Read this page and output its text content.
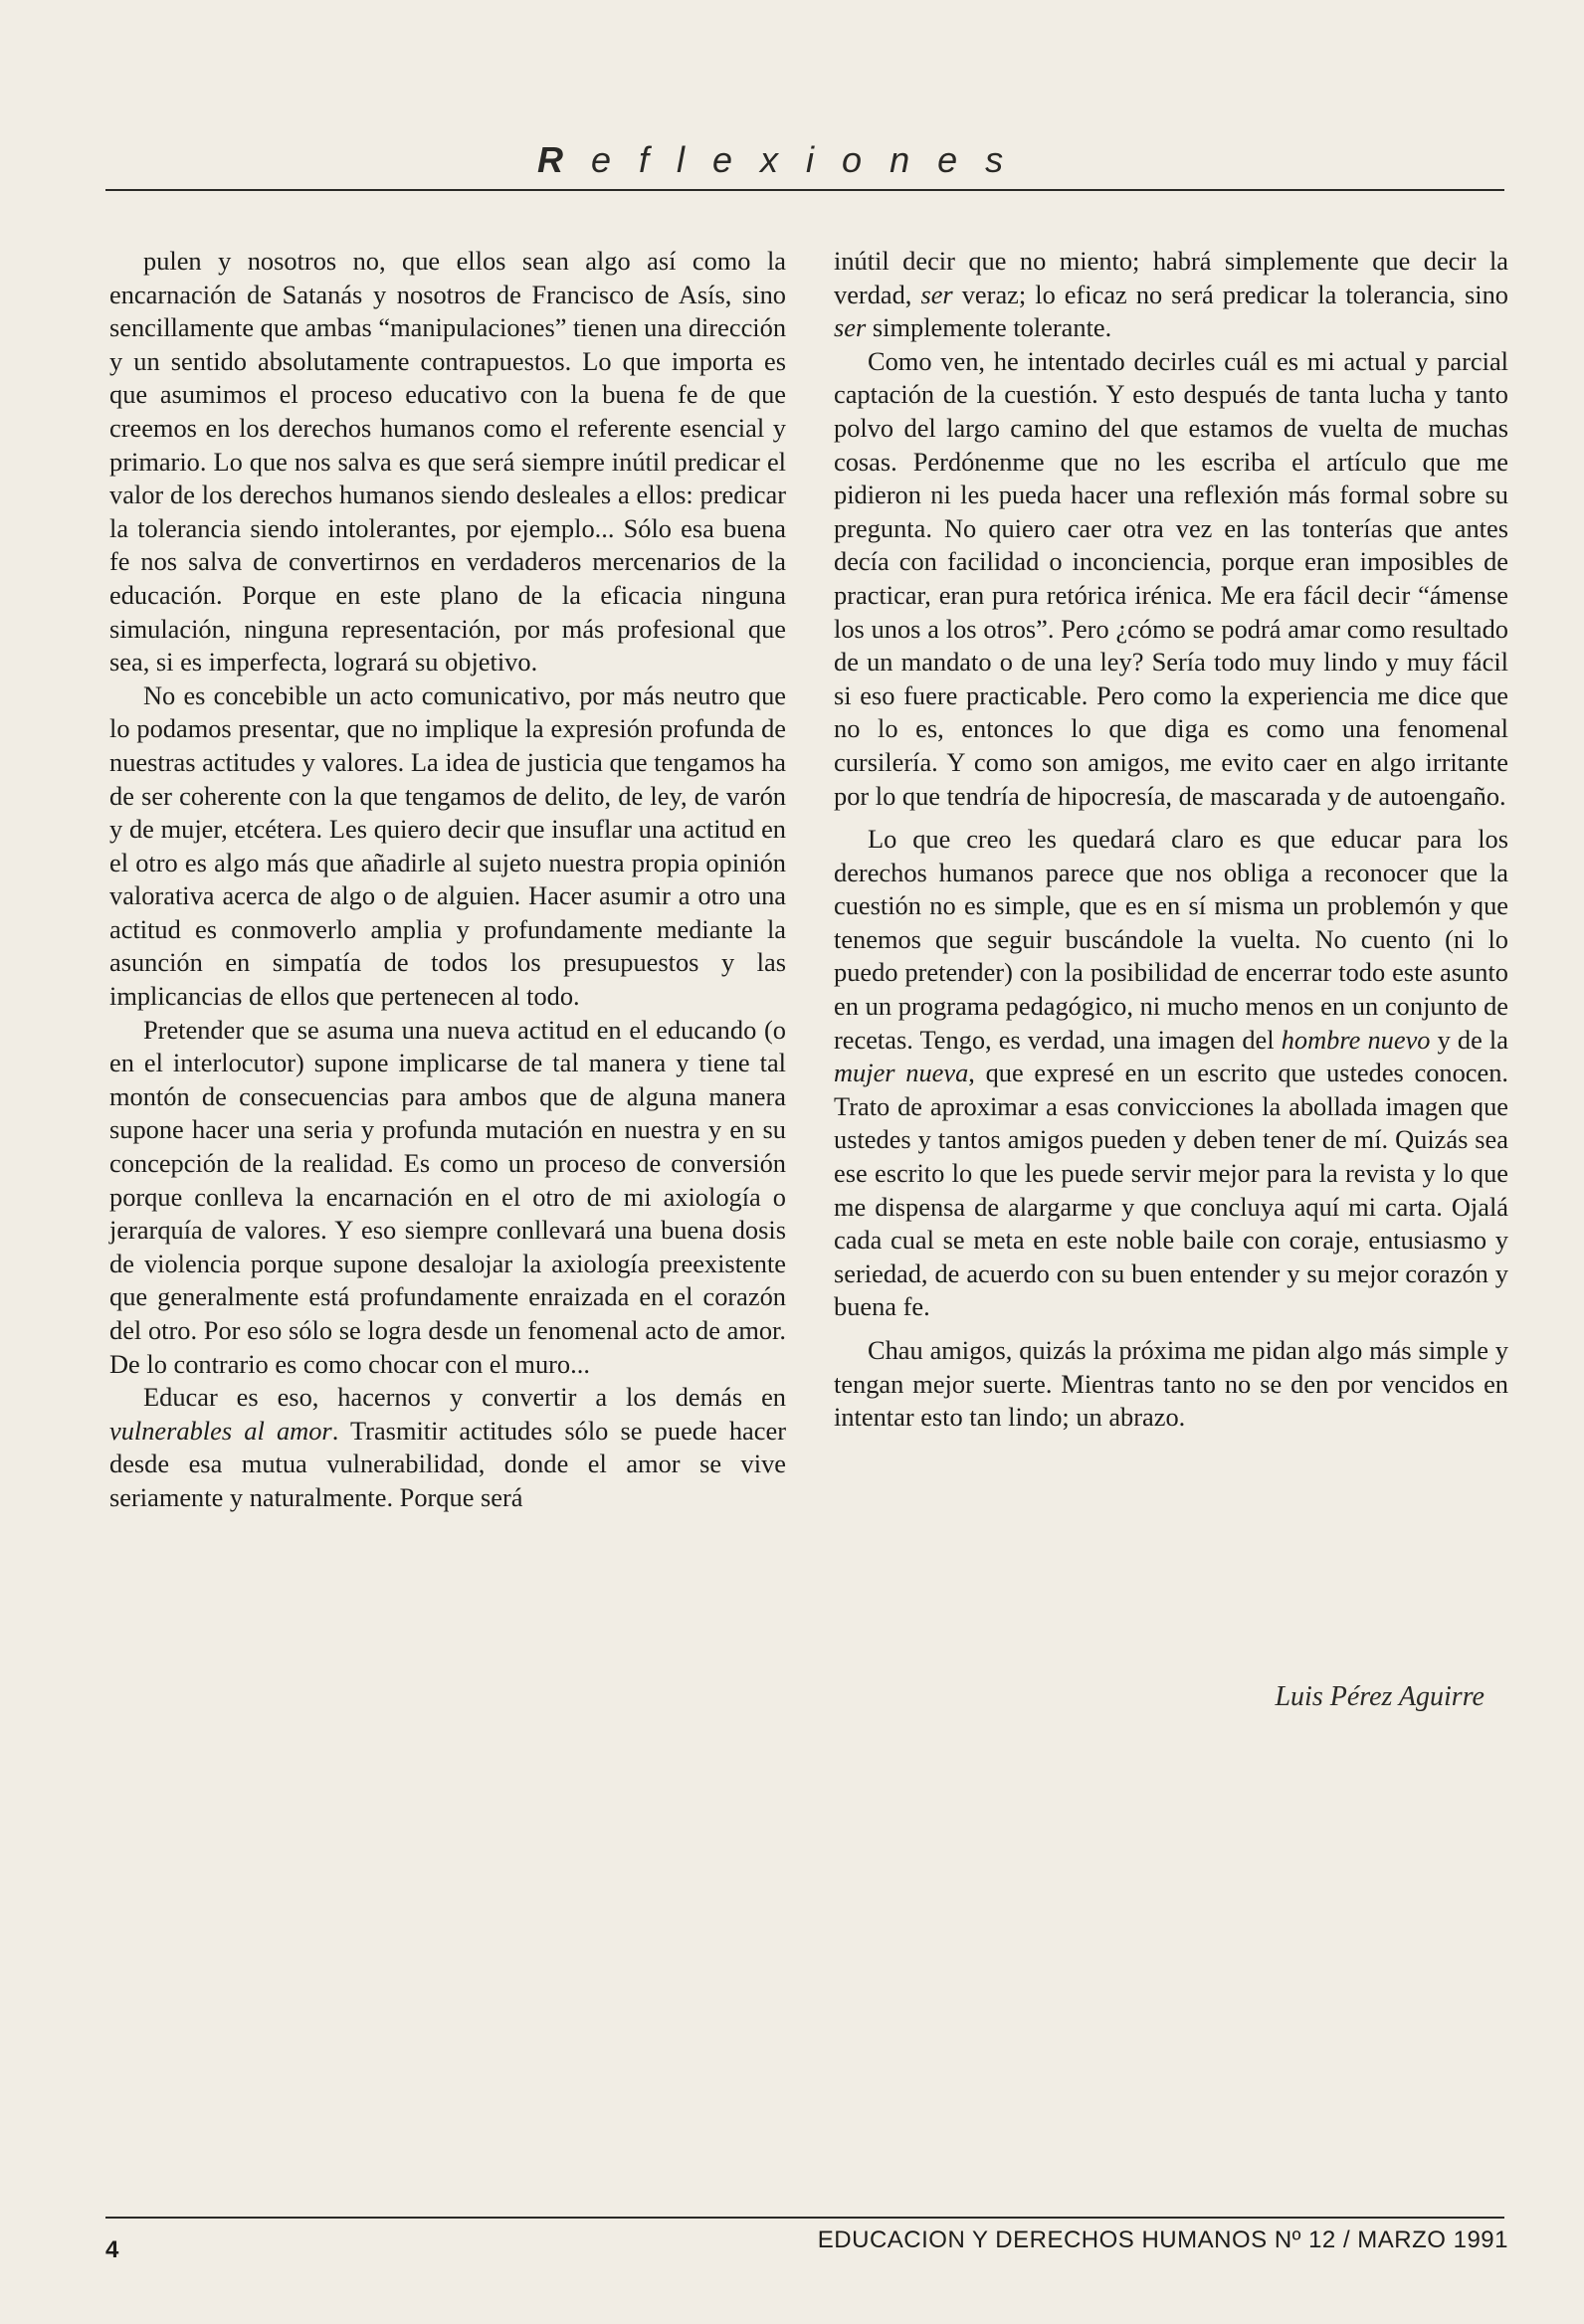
Reflexiones

pulen y nosotros no, que ellos sean algo así como la encarnación de Satanás y nosotros de Francisco de Asís, sino sencillamente que ambas “manipulaciones” tienen una dirección y un sentido absolutamente contrapuestos. Lo que importa es que asumimos el proceso educativo con la buena fe de que creemos en los derechos humanos como el referente esencial y primario. Lo que nos salva es que será siempre inútil predicar el valor de los derechos humanos siendo desleales a ellos: predicar la tolerancia siendo intolerantes, por ejemplo... Sólo esa buena fe nos salva de convertirnos en verdaderos mercenarios de la educación. Porque en este plano de la eficacia ninguna simulación, ninguna representación, por más profesional que sea, si es imperfecta, logrará su objetivo.

No es concebible un acto comunicativo, por más neutro que lo podamos presentar, que no implique la expresión profunda de nuestras actitudes y valores. La idea de justicia que tengamos ha de ser coherente con la que tengamos de delito, de ley, de varón y de mujer, etcétera. Les quiero decir que insuflar una actitud en el otro es algo más que añadirle al sujeto nuestra propia opinión valorativa acerca de algo o de alguien. Hacer asumir a otro una actitud es conmoverlo amplia y profundamente mediante la asunción en simpatía de todos los presupuestos y las implicancias de ellos que pertenecen al todo.

Pretender que se asuma una nueva actitud en el educando (o en el interlocutor) supone implicarse de tal manera y tiene tal montón de consecuencias para ambos que de alguna manera supone hacer una seria y profunda mutación en nuestra y en su concepción de la realidad. Es como un proceso de conversión porque conlleva la encarnación en el otro de mi axiología o jerarquía de valores. Y eso siempre conllevará una buena dosis de violencia porque supone desalojar la axiología preexistente que generalmente está profundamente enraizada en el corazón del otro. Por eso sólo se logra desde un fenomenal acto de amor. De lo contrario es como chocar con el muro...

Educar es eso, hacernos y convertir a los demás en vulnerables al amor. Trasmitir actitudes sólo se puede hacer desde esa mutua vulnerabilidad, donde el amor se vive seriamente y naturalmente. Porque será

inútil decir que no miento; habrá simplemente que decir la verdad, ser veraz; lo eficaz no será predicar la tolerancia, sino ser simplemente tolerante.

Como ven, he intentado decirles cuál es mi actual y parcial captación de la cuestión. Y esto después de tanta lucha y tanto polvo del largo camino del que estamos de vuelta de muchas cosas. Perdónenme que no les escriba el artículo que me pidieron ni les pueda hacer una reflexión más formal sobre su pregunta. No quiero caer otra vez en las tonterías que antes decía con facilidad o inconciencia, porque eran imposibles de practicar, eran pura retórica irénica. Me era fácil decir “ámense los unos a los otros”. Pero ¿cómo se podrá amar como resultado de un mandato o de una ley? Sería todo muy lindo y muy fácil si eso fuere practicable. Pero como la experiencia me dice que no lo es, entonces lo que diga es como una fenomenal cursilería. Y como son amigos, me evito caer en algo irritante por lo que tendría de hipocresía, de mascarada y de autoengaño.

Lo que creo les quedará claro es que educar para los derechos humanos parece que nos obliga a reconocer que la cuestión no es simple, que es en sí misma un problemón y que tenemos que seguir buscándole la vuelta. No cuento (ni lo puedo pretender) con la posibilidad de encerrar todo este asunto en un programa pedagógico, ni mucho menos en un conjunto de recetas. Tengo, es verdad, una imagen del hombre nuevo y de la mujer nueva, que expresé en un escrito que ustedes conocen. Trato de aproximar a esas convicciones la abollada imagen que ustedes y tantos amigos pueden y deben tener de mí. Quizás sea ese escrito lo que les puede servir mejor para la revista y lo que me dispensa de alargarme y que concluya aquí mi carta. Ojalá cada cual se meta en este noble baile con coraje, entusiasmo y seriedad, de acuerdo con su buen entender y su mejor corazón y buena fe.

Chau amigos, quizás la próxima me pidan algo más simple y tengan mejor suerte. Mientras tanto no se den por vencidos en intentar esto tan lindo; un abrazo.

Luis Pérez Aguirre
4	EDUCACION Y DERECHOS HUMANOS Nº 12 / MARZO 1991
